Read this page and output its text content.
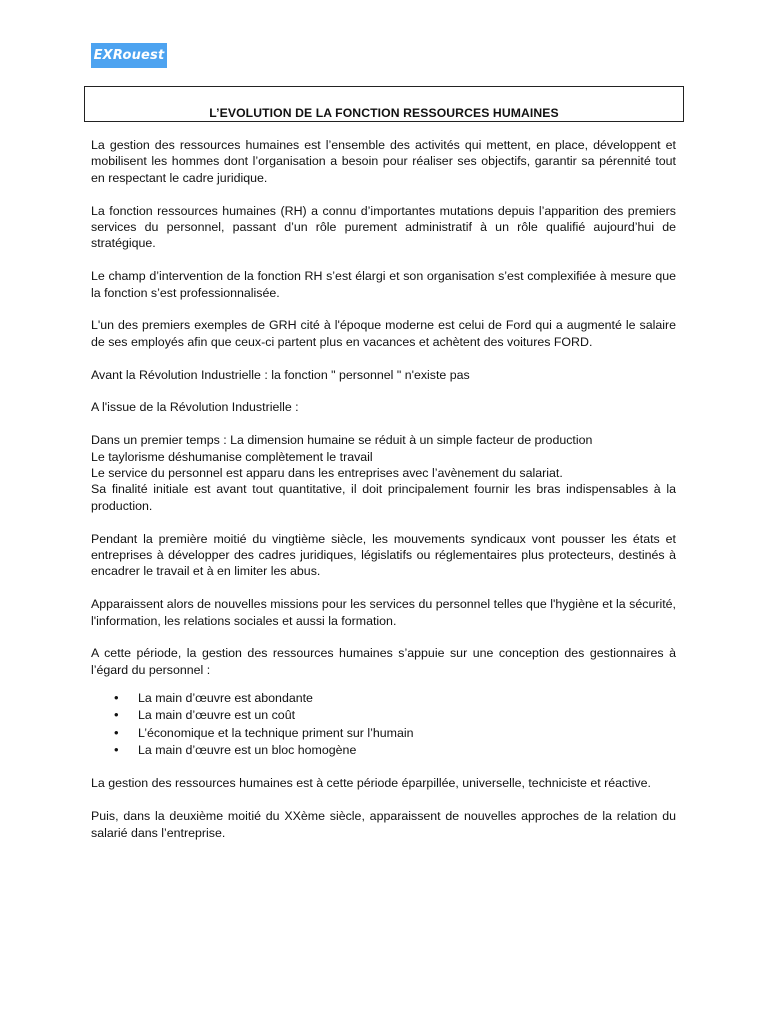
EXRouest
L’EVOLUTION DE LA FONCTION RESSOURCES HUMAINES

La gestion des ressources humaines est l’ensemble des activités qui mettent, en place, développent et mobilisent les hommes dont l’organisation a besoin pour réaliser ses objectifs, garantir sa pérennité tout en respectant le cadre juridique.

La fonction ressources humaines (RH) a connu d’importantes mutations depuis l’apparition des premiers services du personnel, passant d’un rôle purement administratif à un rôle qualifié aujourd’hui de stratégique.

Le champ d’intervention de la fonction RH s’est élargi et son organisation s’est complexifiée à mesure que la fonction s’est professionnalisée.

L'un des premiers exemples de GRH cité à l'époque moderne est celui de Ford qui a augmenté le salaire de ses employés afin que ceux-ci partent plus en vacances et achètent des voitures FORD.

Avant la Révolution Industrielle : la fonction " personnel " n'existe pas

A l'issue de la Révolution Industrielle :

Dans un premier temps : La dimension humaine se réduit à un simple facteur de production

Le taylorisme déshumanise complètement le travail

Le service du personnel est apparu dans les entreprises avec l’avènement du salariat.

Sa finalité initiale est avant tout quantitative, il doit principalement fournir les bras indispensables à la production.

Pendant la première moitié du vingtième siècle, les mouvements syndicaux vont pousser les états et entreprises à développer des cadres juridiques, législatifs ou réglementaires plus protecteurs, destinés à encadrer le travail et à en limiter les abus.

Apparaissent alors de nouvelles missions pour les services du personnel telles que l'hygiène et la sécurité, l'information, les relations sociales et aussi la formation.

A cette période, la gestion des ressources humaines s’appuie sur une conception des gestionnaires à l’égard du personnel :

• La main d’œuvre est abondante
• La main d’œuvre est un coût
• L’économique et la technique priment sur l’humain
• La main d’œuvre est un bloc homogène

La gestion des ressources humaines est à cette période éparpillée, universelle, techniciste et réactive.

Puis, dans la deuxième moitié du XXème siècle, apparaissent de nouvelles approches de la relation du salarié dans l’entreprise.
